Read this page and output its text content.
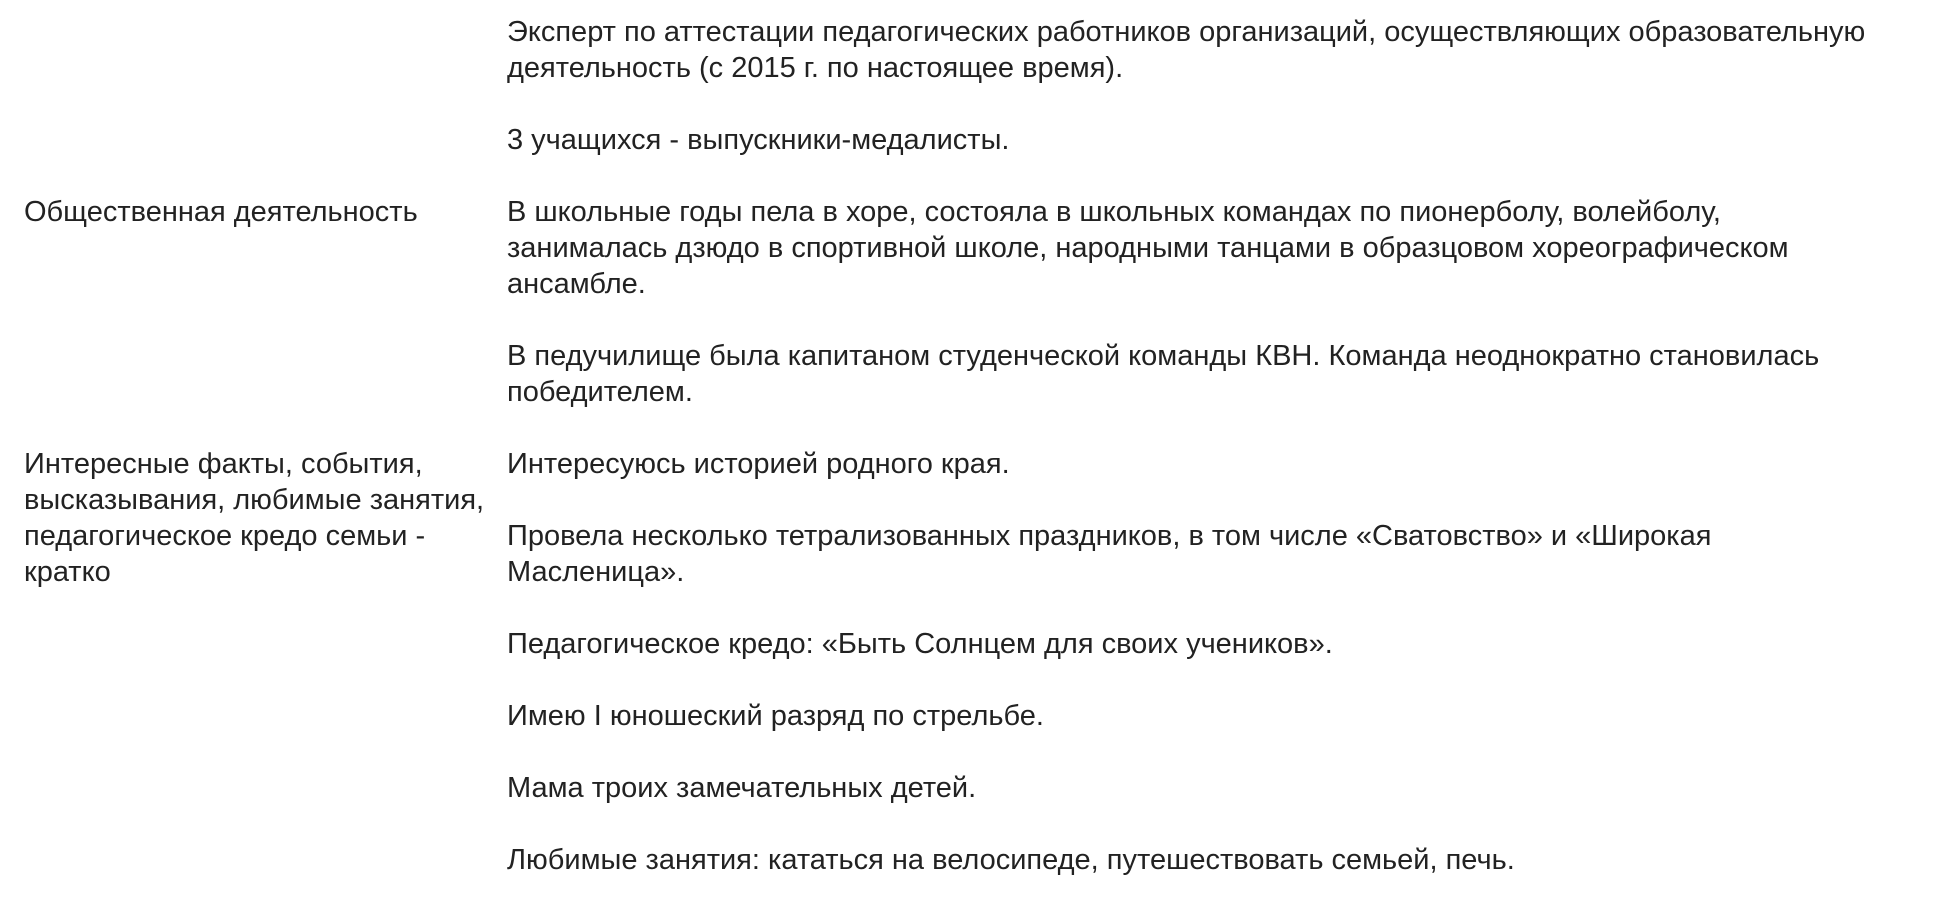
Эксперт по аттестации педагогических работников организаций, осуществляющих образовательную деятельность (с 2015 г. по настоящее время).

3 учащихся - выпускники-медалисты.

Общественная деятельность	В школьные годы пела в хоре, состояла в школьных командах по пионерболу, волейболу, занималась дзюдо в спортивной школе, народными танцами в образцовом хореографическом ансамбле.

В педучилище была капитаном студенческой команды КВН. Команда неоднократно становилась победителем.

Интересные факты, события, высказывания, любимые занятия, педагогическое кредо семьи - кратко

Интересуюсь историей родного края.

Провела несколько тетрализованных праздников, в том числе «Сватовство» и «Широкая Масленица».

Педагогическое кредо: «Быть Солнцем для своих учеников».

Имею I юношеский разряд по стрельбе.

Мама троих замечательных детей.

Любимые занятия: кататься на велосипеде, путешествовать семьей, печь.
